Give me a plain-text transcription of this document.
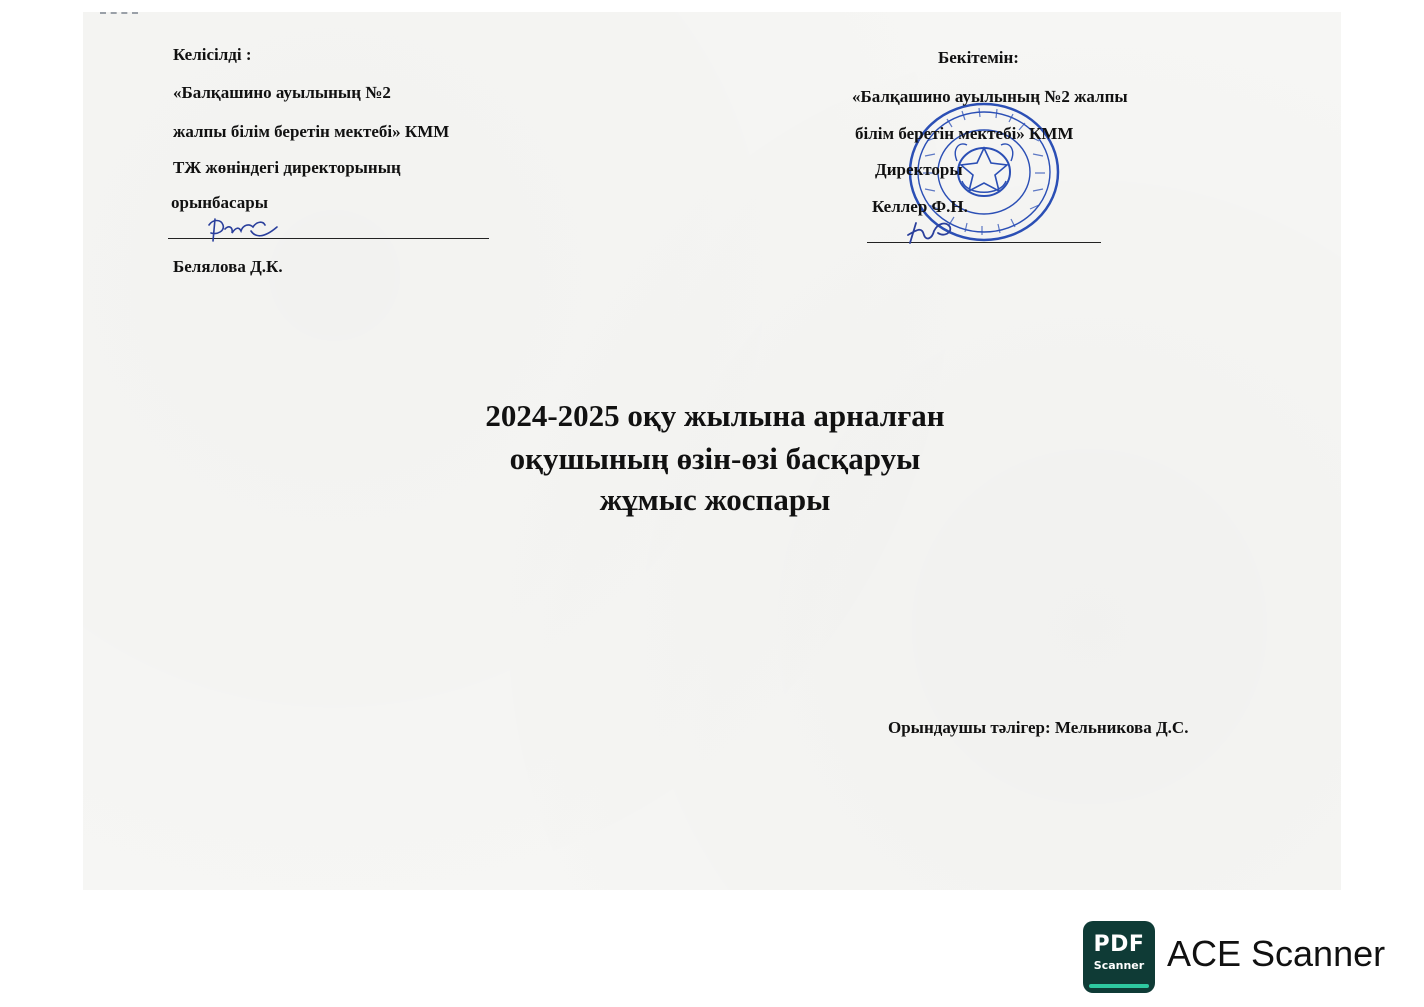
Келісілді :
«Балқашино ауылының №2
жалпы білім беретін мектебі» КММ
ТЖ жөніндегі директорының
орынбасары
Белялова Д.К.
Бекітемін:
«Балқашино ауылының №2 жалпы
білім беретін мектебі» КММ
Директоры
Келлер Ф.Н.
2024-2025 оқу жылына арналған
оқушының өзін-өзі басқаруы
жұмыс жоспары
Орындаушы тәлігер: Мельникова Д.С.
PDF
Scanner ACE Scanner
